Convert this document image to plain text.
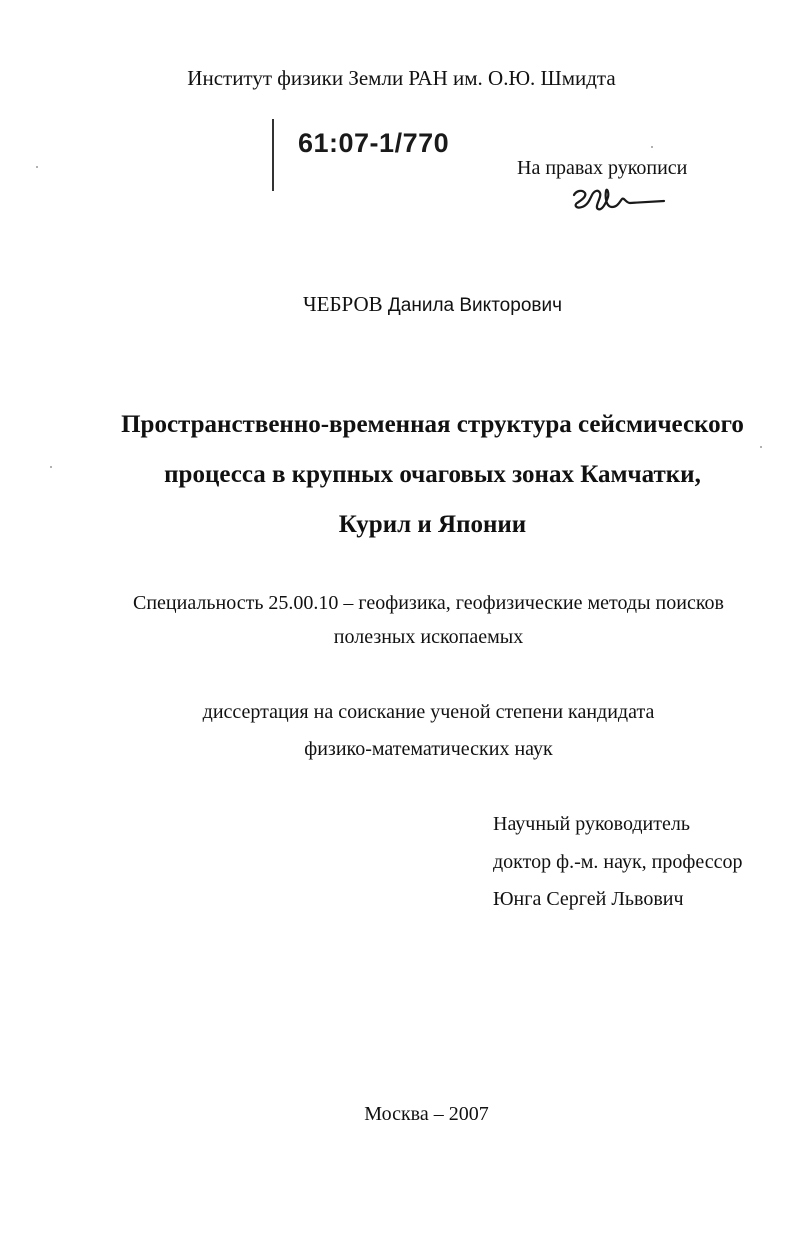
Институт физики Земли РАН им. О.Ю. Шмидта
61:07-1/770
На правах рукописи
ЧЕБРОВ Данила Викторович
Пространственно-временная структура сейсмического
процесса в крупных очаговых зонах Камчатки,
Курил и Японии
Специальность 25.00.10 – геофизика, геофизические методы поисков
полезных ископаемых
диссертация на соискание ученой степени кандидата
физико-математических наук
Научный руководитель
доктор ф.-м. наук, профессор
Юнга Сергей Львович
Москва – 2007
